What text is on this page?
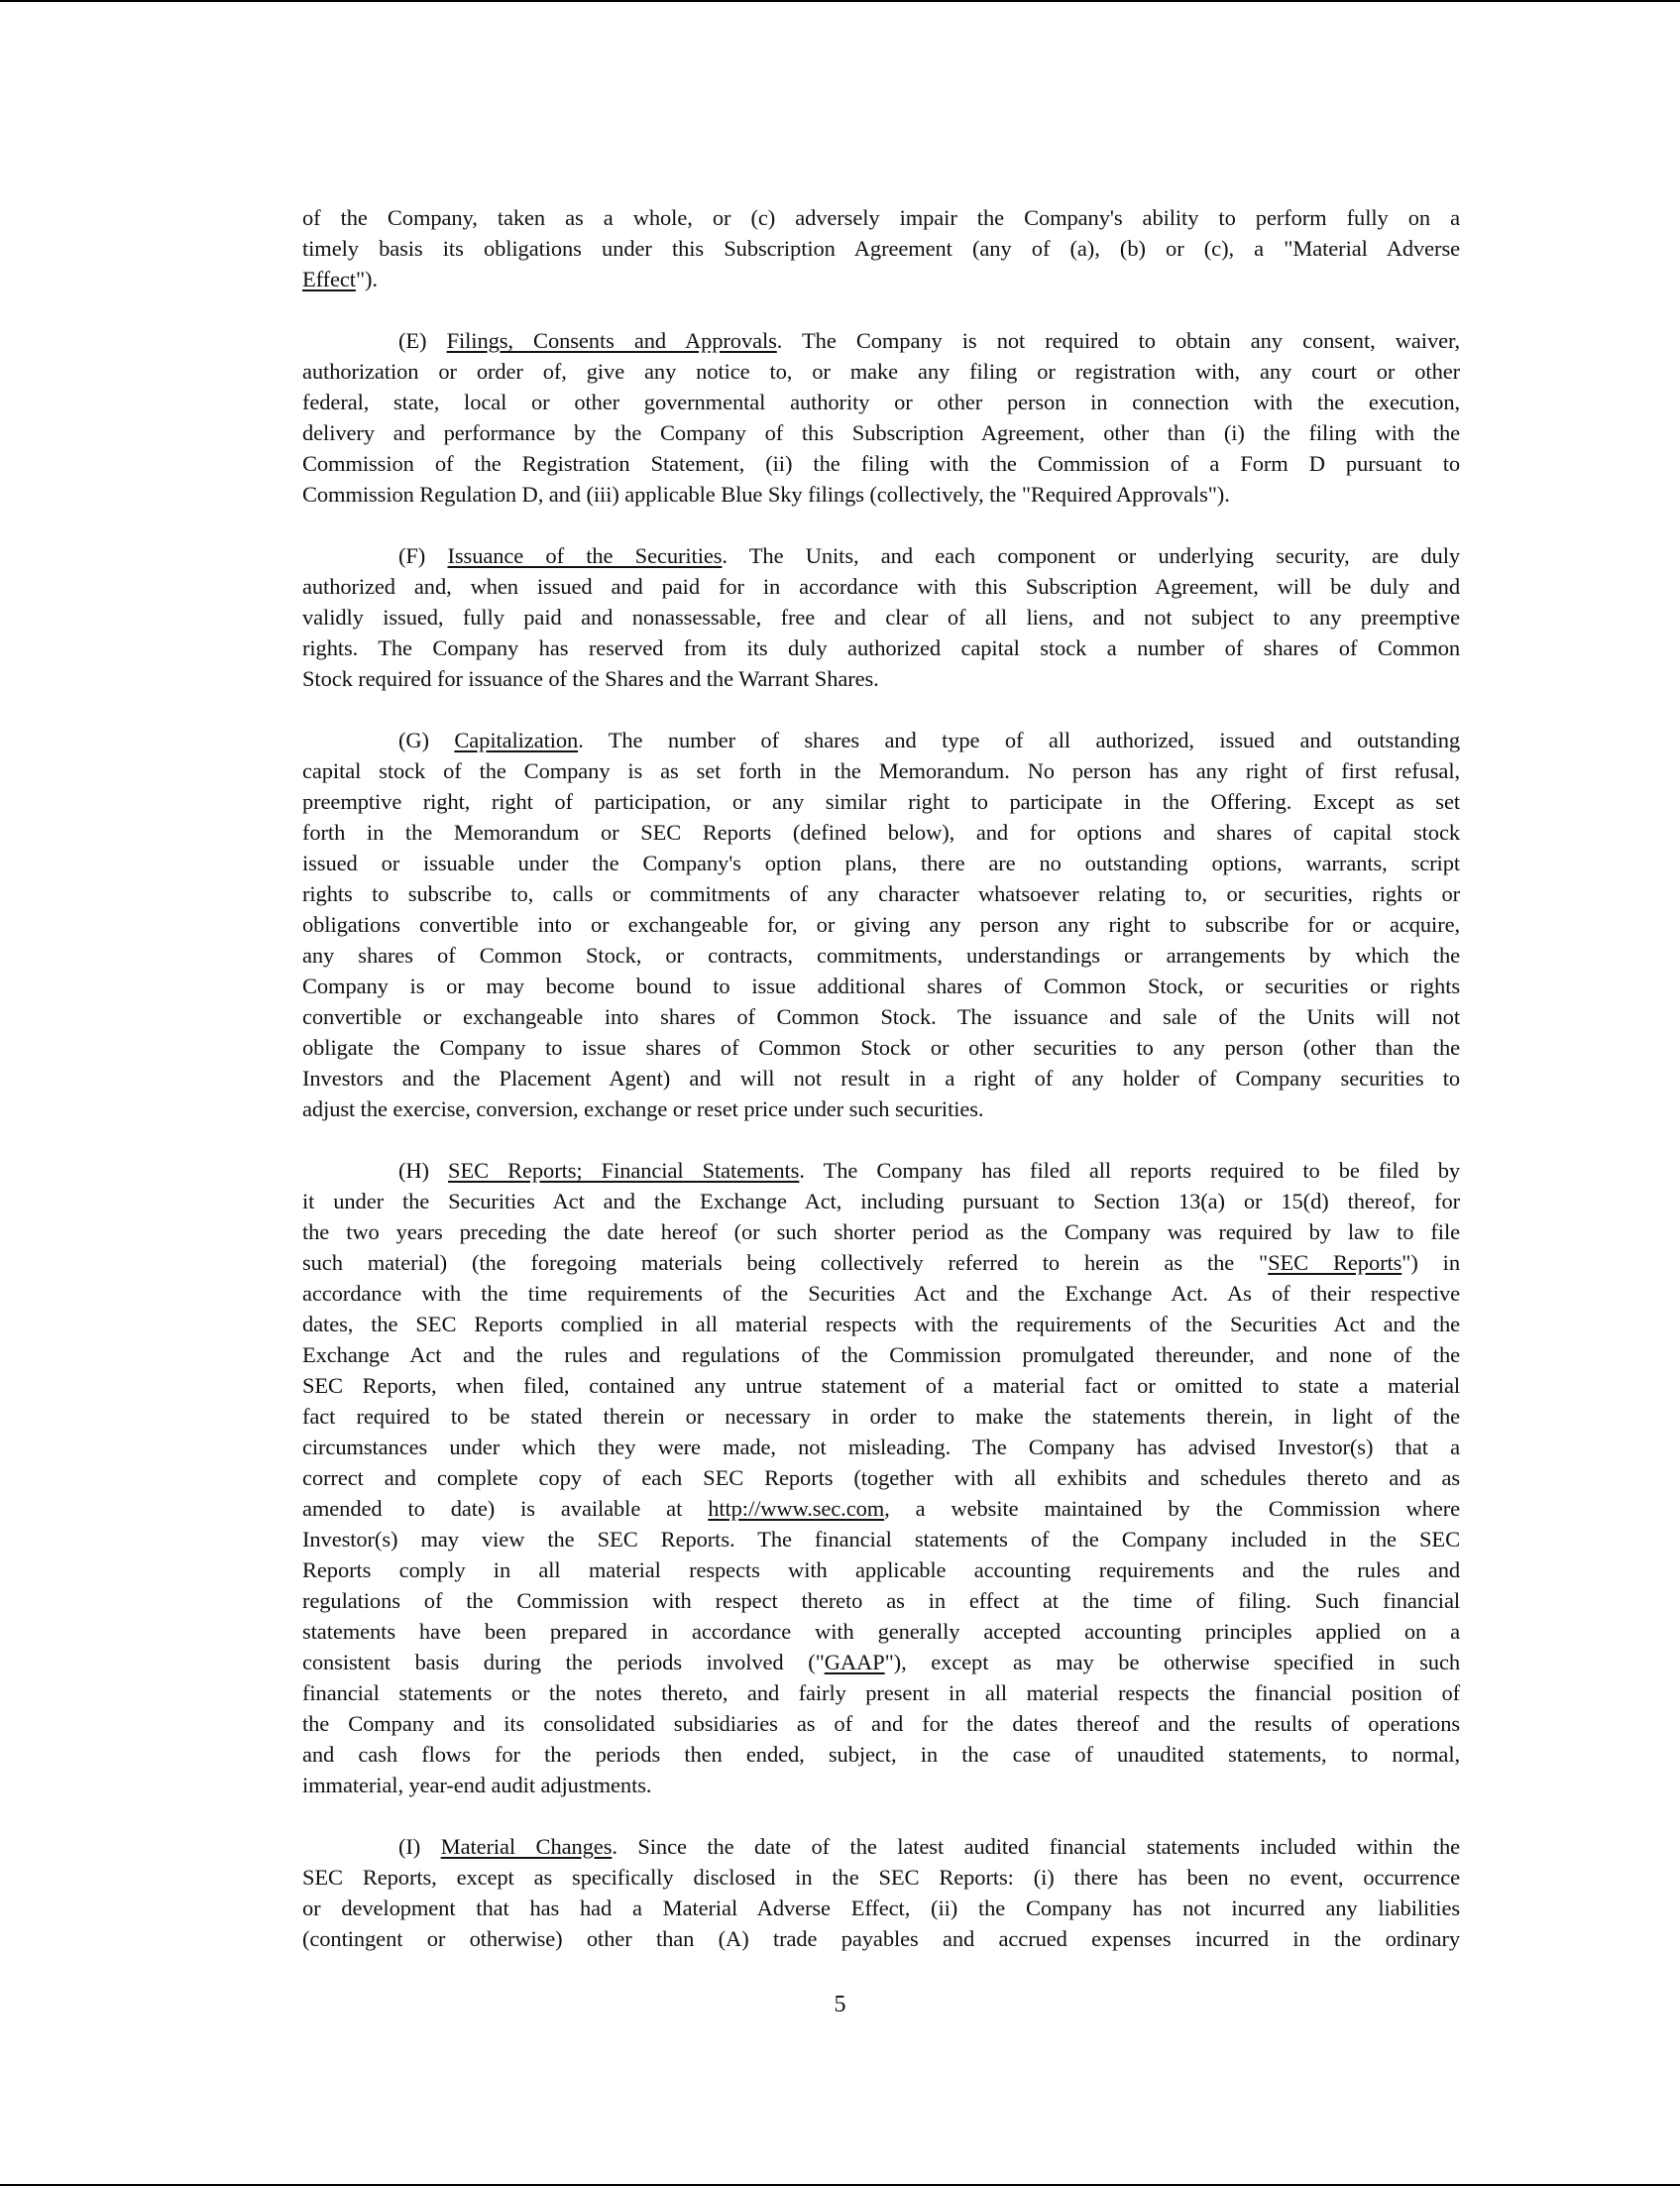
of the Company, taken as a whole, or (c) adversely impair the Company's ability to perform fully on a
timely basis its obligations under this Subscription Agreement (any of (a), (b) or (c), a "Material Adverse
Effect").
(E) Filings, Consents and Approvals. The Company is not required to obtain any consent, waiver,
authorization or order of, give any notice to, or make any filing or registration with, any court or other
federal, state, local or other governmental authority or other person in connection with the execution,
delivery and performance by the Company of this Subscription Agreement, other than (i) the filing with the
Commission of the Registration Statement, (ii) the filing with the Commission of a Form D pursuant to
Commission Regulation D, and (iii) applicable Blue Sky filings (collectively, the "Required Approvals").
(F) Issuance of the Securities. The Units, and each component or underlying security, are duly
authorized and, when issued and paid for in accordance with this Subscription Agreement, will be duly and
validly issued, fully paid and nonassessable, free and clear of all liens, and not subject to any preemptive
rights. The Company has reserved from its duly authorized capital stock a number of shares of Common
Stock required for issuance of the Shares and the Warrant Shares.
(G) Capitalization. The number of shares and type of all authorized, issued and outstanding
capital stock of the Company is as set forth in the Memorandum. No person has any right of first refusal,
preemptive right, right of participation, or any similar right to participate in the Offering. Except as set
forth in the Memorandum or SEC Reports (defined below), and for options and shares of capital stock
issued or issuable under the Company's option plans, there are no outstanding options, warrants, script
rights to subscribe to, calls or commitments of any character whatsoever relating to, or securities, rights or
obligations convertible into or exchangeable for, or giving any person any right to subscribe for or acquire,
any shares of Common Stock, or contracts, commitments, understandings or arrangements by which the
Company is or may become bound to issue additional shares of Common Stock, or securities or rights
convertible or exchangeable into shares of Common Stock. The issuance and sale of the Units will not
obligate the Company to issue shares of Common Stock or other securities to any person (other than the
Investors and the Placement Agent) and will not result in a right of any holder of Company securities to
adjust the exercise, conversion, exchange or reset price under such securities.
(H) SEC Reports; Financial Statements. The Company has filed all reports required to be filed by
it under the Securities Act and the Exchange Act, including pursuant to Section 13(a) or 15(d) thereof, for
the two years preceding the date hereof (or such shorter period as the Company was required by law to file
such material) (the foregoing materials being collectively referred to herein as the "SEC Reports") in
accordance with the time requirements of the Securities Act and the Exchange Act. As of their respective
dates, the SEC Reports complied in all material respects with the requirements of the Securities Act and the
Exchange Act and the rules and regulations of the Commission promulgated thereunder, and none of the
SEC Reports, when filed, contained any untrue statement of a material fact or omitted to state a material
fact required to be stated therein or necessary in order to make the statements therein, in light of the
circumstances under which they were made, not misleading. The Company has advised Investor(s) that a
correct and complete copy of each SEC Reports (together with all exhibits and schedules thereto and as
amended to date) is available at http://www.sec.com, a website maintained by the Commission where
Investor(s) may view the SEC Reports. The financial statements of the Company included in the SEC
Reports comply in all material respects with applicable accounting requirements and the rules and
regulations of the Commission with respect thereto as in effect at the time of filing. Such financial
statements have been prepared in accordance with generally accepted accounting principles applied on a
consistent basis during the periods involved ("GAAP"), except as may be otherwise specified in such
financial statements or the notes thereto, and fairly present in all material respects the financial position of
the Company and its consolidated subsidiaries as of and for the dates thereof and the results of operations
and cash flows for the periods then ended, subject, in the case of unaudited statements, to normal,
immaterial, year-end audit adjustments.
(I) Material Changes. Since the date of the latest audited financial statements included within the
SEC Reports, except as specifically disclosed in the SEC Reports: (i) there has been no event, occurrence
or development that has had a Material Adverse Effect, (ii) the Company has not incurred any liabilities
(contingent or otherwise) other than (A) trade payables and accrued expenses incurred in the ordinary
5
